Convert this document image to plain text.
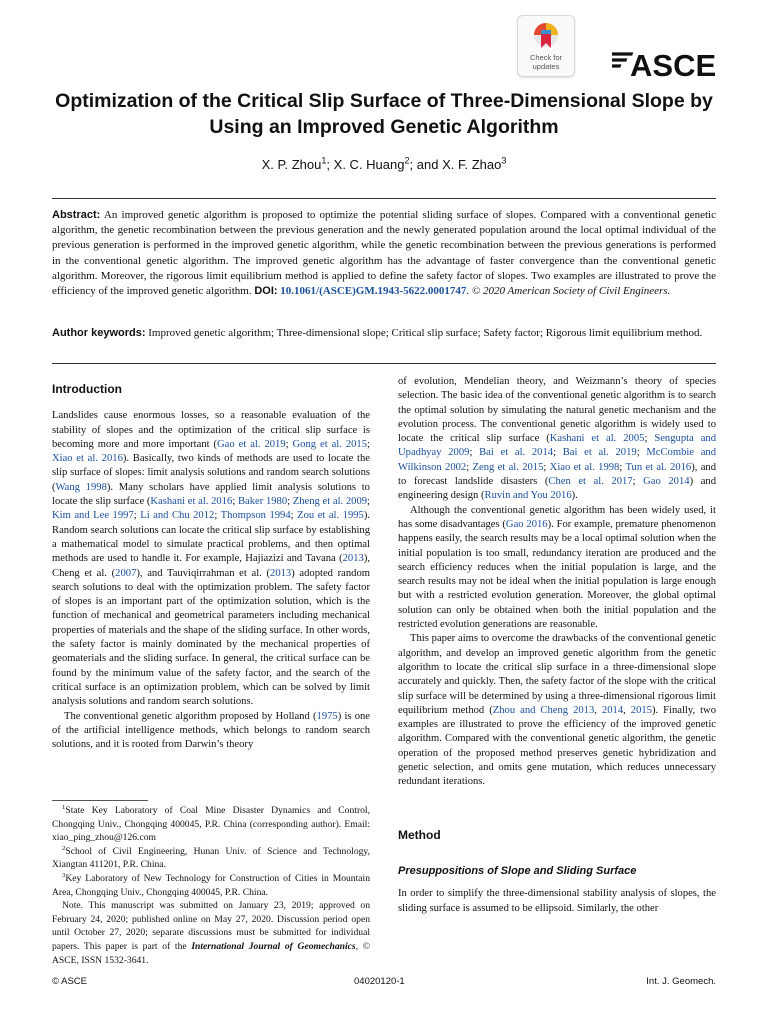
Check for
updates	ASCE
Optimization of the Critical Slip Surface of Three-Dimensional Slope by Using an Improved Genetic Algorithm
X. P. Zhou$^1$; X. C. Huang$^2$; and X. F. Zhao$^3$
Abstract: An improved genetic algorithm is proposed to optimize the potential sliding surface of slopes. Compared with a conventional genetic algorithm, the genetic recombination between the previous generation and the newly generated population around the local optimal individual of the previous generation is performed in the improved genetic algorithm, while the genetic recombination between the previous generations is performed in the conventional genetic algorithm. The improved genetic algorithm has the advantage of faster convergence than the conventional genetic algorithm. Moreover, the rigorous limit equilibrium method is applied to define the safety factor of slopes. Two examples are illustrated to prove the efficiency of the improved genetic algorithm. DOI: 10.1061/(ASCE)GM.1943-5622.0001747. © 2020 American Society of Civil Engineers.
Author keywords: Improved genetic algorithm; Three-dimensional slope; Critical slip surface; Safety factor; Rigorous limit equilibrium method.
Introduction

Landslides cause enormous losses, so a reasonable evaluation of the stability of slopes and the optimization of the critical slip surface is becoming more and more important (Gao et al. 2019; Gong et al. 2015; Xiao et al. 2016). Basically, two kinds of methods are used to locate the slip surface of slopes: limit analysis solutions and random search solutions (Wang 1998). Many scholars have applied limit analysis solutions to locate the slip surface (Kashani et al. 2016; Baker 1980; Zheng et al. 2009; Kim and Lee 1997; Li and Chu 2012; Thompson 1994; Zou et al. 1995). Random search solutions can locate the critical slip surface by establishing a mathematical model to simulate practical problems, and then optimal methods are used to handle it. For example, Hajiazizi and Tavana (2013), Cheng et al. (2007), and Tauviqirrahman et al. (2013) adopted random search solutions to deal with the optimization problem. The safety factor of slopes is an important part of the optimization solution, which is the function of mechanical and geometrical parameters including mechanical properties of materials and the shape of the sliding surface. In other words, the safety factor is mainly dominated by the mechanical properties of geomaterials and the sliding surface. In general, the critical surface can be found by the minimum value of the safety factor, and the search of the critical surface is an optimization problem, which can be solved by limit analysis solutions and random search solutions.

The conventional genetic algorithm proposed by Holland (1975) is one of the artificial intelligence methods, which belongs to random search solutions, and it is rooted from Darwin’s theory

$^1$State Key Laboratory of Coal Mine Disaster Dynamics and Control, Chongqing Univ., Chongqing 400045, P.R. China (corresponding author). Email: xiao_ping_zhou@126.com

$^2$School of Civil Engineering, Hunan Univ. of Science and Technology, Xiangtan 411201, P.R. China.

$^3$Key Laboratory of New Technology for Construction of Cities in Mountain Area, Chongqing Univ., Chongqing 400045, P.R. China.

Note. This manuscript was submitted on January 23, 2019; approved on February 24, 2020; published online on May 27, 2020. Discussion period open until October 27, 2020; separate discussions must be submitted for individual papers. This paper is part of the International Journal of Geomechanics, © ASCE, ISSN 1532-3641.

of evolution, Mendelian theory, and Weizmann’s theory of species selection. The basic idea of the conventional genetic algorithm is to search the optimal solution by simulating the natural genetic mechanism and the evolution process. The conventional genetic algorithm is widely used to locate the critical slip surface (Kashani et al. 2005; Sengupta and Upadhyay 2009; Bai et al. 2014; Bai et al. 2019; McCombie and Wilkinson 2002; Zeng et al. 2015; Xiao et al. 1998; Tun et al. 2016), and to forecast landslide disasters (Chen et al. 2017; Gao 2014) and engineering design (Ruvin and You 2016).

Although the conventional genetic algorithm has been widely used, it has some disadvantages (Gao 2016). For example, premature phenomenon happens easily, the search results may be a local optimal solution when the initial population is too small, redundancy iteration are produced and the search efficiency reduces when the initial population is large, and the search results may not be ideal when the initial population is large enough but with a restricted evolution generation. Moreover, the global optimal solution can only be obtained when both the initial population and the restricted evolution generations are reasonable.

This paper aims to overcome the drawbacks of the conventional genetic algorithm, and develop an improved genetic algorithm from the genetic algorithm to locate the critical slip surface in a three-dimensional slope accurately and quickly. Then, the safety factor of the slope with the critical slip surface will be determined by using a three-dimensional rigorous limit equilibrium method (Zhou and Cheng 2013, 2014, 2015). Finally, two examples are illustrated to prove the efficiency of the improved genetic algorithm. Compared with the conventional genetic algorithm, the genetic operation of the proposed method preserves genetic hybridization and genetic selection, and omits gene mutation, which reduces unnecessary redundant iterations.

Method
Presuppositions of Slope and Sliding Surface

In order to simplify the three-dimensional stability analysis of slopes, the sliding surface is assumed to be ellipsoid. Similarly, the other

© ASCE	04020120-1	Int. J. Geomech.
